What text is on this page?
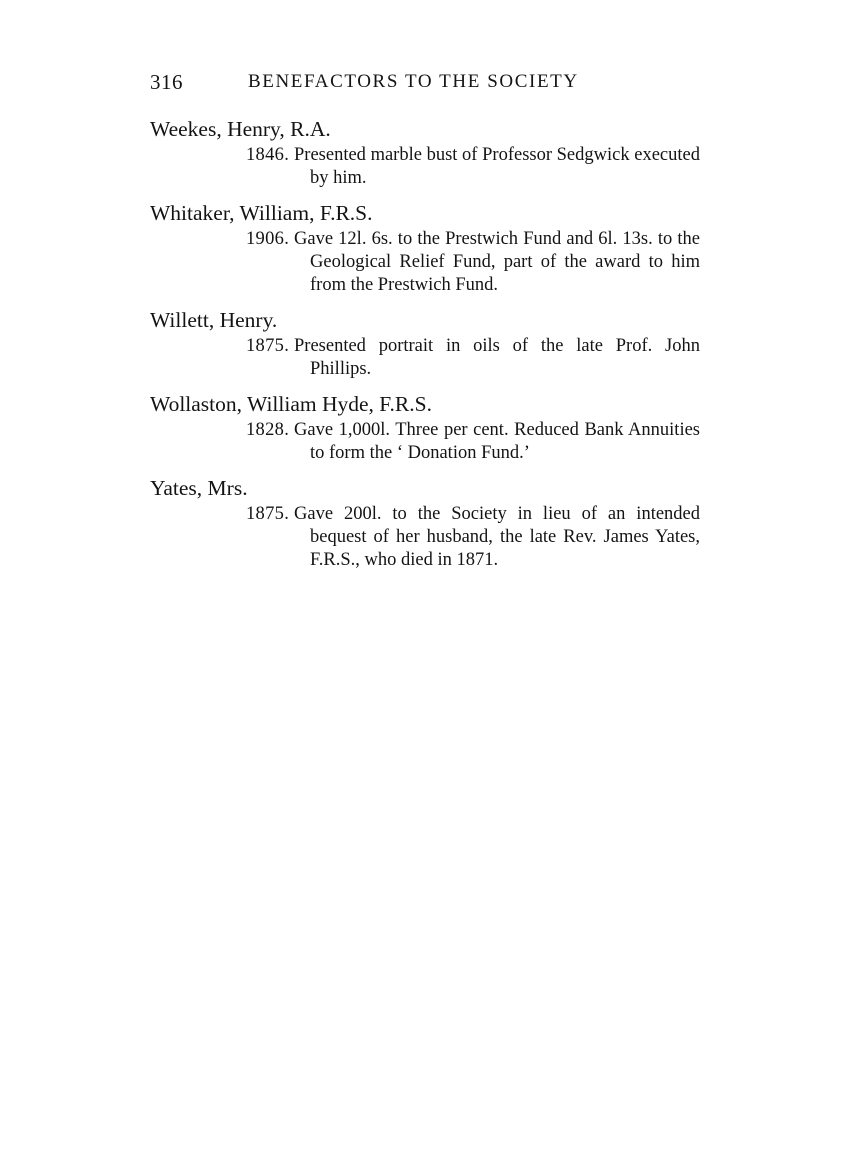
316	BENEFACTORS TO THE SOCIETY
Weekes, Henry, R.A.
1846. Presented marble bust of Professor Sedgwick executed by him.
Whitaker, William, F.R.S.
1906. Gave 12l. 6s. to the Prestwich Fund and 6l. 13s. to the Geological Relief Fund, part of the award to him from the Prestwich Fund.
Willett, Henry.
1875. Presented portrait in oils of the late Prof. John Phillips.
Wollaston, William Hyde, F.R.S.
1828. Gave 1,000l. Three per cent. Reduced Bank Annuities to form the ‘ Donation Fund.’
Yates, Mrs.
1875. Gave 200l. to the Society in lieu of an intended bequest of her husband, the late Rev. James Yates, F.R.S., who died in 1871.
